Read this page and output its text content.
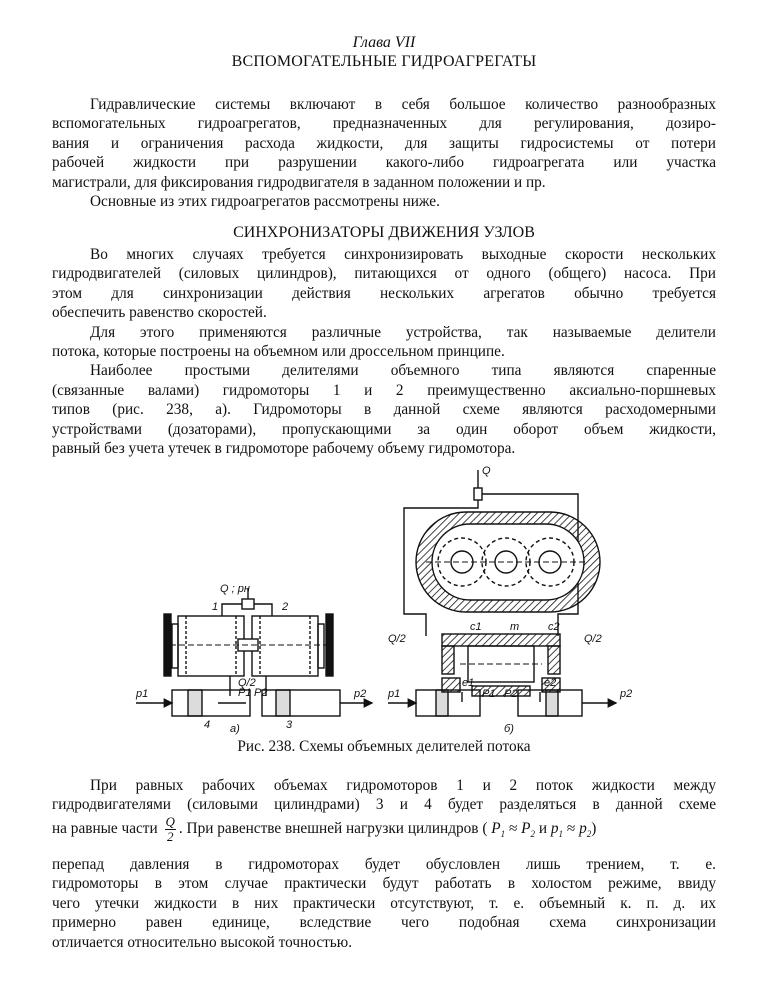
Глава VII
ВСПОМОГАТЕЛЬНЫЕ ГИДРОАГРЕГАТЫ
Гидравлические системы включают в себя большое количество разнообразных
вспомогательных гидроагрегатов, предназначенных для регулирования, дозиро-
вания и ограничения расхода жидкости, для защиты гидросистемы от потери
рабочей жидкости при разрушении какого-либо гидроагрегата или участка
магистрали, для фиксирования гидродвигателя в заданном положении и пр.
Основные из этих гидроагрегатов рассмотрены ниже.
СИНХРОНИЗАТОРЫ ДВИЖЕНИЯ УЗЛОВ
Во многих случаях требуется синхронизировать выходные скорости нескольких
гидродвигателей (силовых цилиндров), питающихся от одного (общего) насоса. При
этом для синхронизации действия нескольких агрегатов обычно требуется
обеспечить равенство скоростей.
Для этого применяются различные устройства, так называемые делители
потока, которые построены на объемном или дроссельном принципе.
Наиболее простыми делителями объемного типа являются спаренные
(связанные валами) гидромоторы 1 и 2 преимущественно аксиально-поршневых
типов (рис. 238, а). Гидромоторы в данной схеме являются расходомерными
устройствами (дозаторами), пропускающими за один оборот объем жидкости,
равный без учета утечек в гидромоторе рабочему объему гидромотора.
Q ; pн
1	2
Q/2
p1	P1 P2	p2
4	3
а)
Q
c1	m	c2
Q/2	Q/2
e1	e2
p1	P1 P2	p2
б)
Рис. 238. Схемы объемных делителей потока
При равных рабочих объемах гидромоторов 1 и 2 поток жидкости между
гидродвигателями (силовыми цилиндрами) 3 и 4 будет разделяться в данной схеме
на равные части $\frac{Q}{2}$ . При равенстве внешней нагрузки цилиндров ( $P_1 \approx P_2$ и $p_1 \approx p_2$)
перепад давления в гидромоторах будет обусловлен лишь трением, т. е.
гидромоторы в этом случае практически будут работать в холостом режиме, ввиду
чего утечки жидкости в них практически отсутствуют, т. е. объемный к. п. д. их
примерно равен единице, вследствие чего подобная схема синхронизации
отличается относительно высокой точностью.
